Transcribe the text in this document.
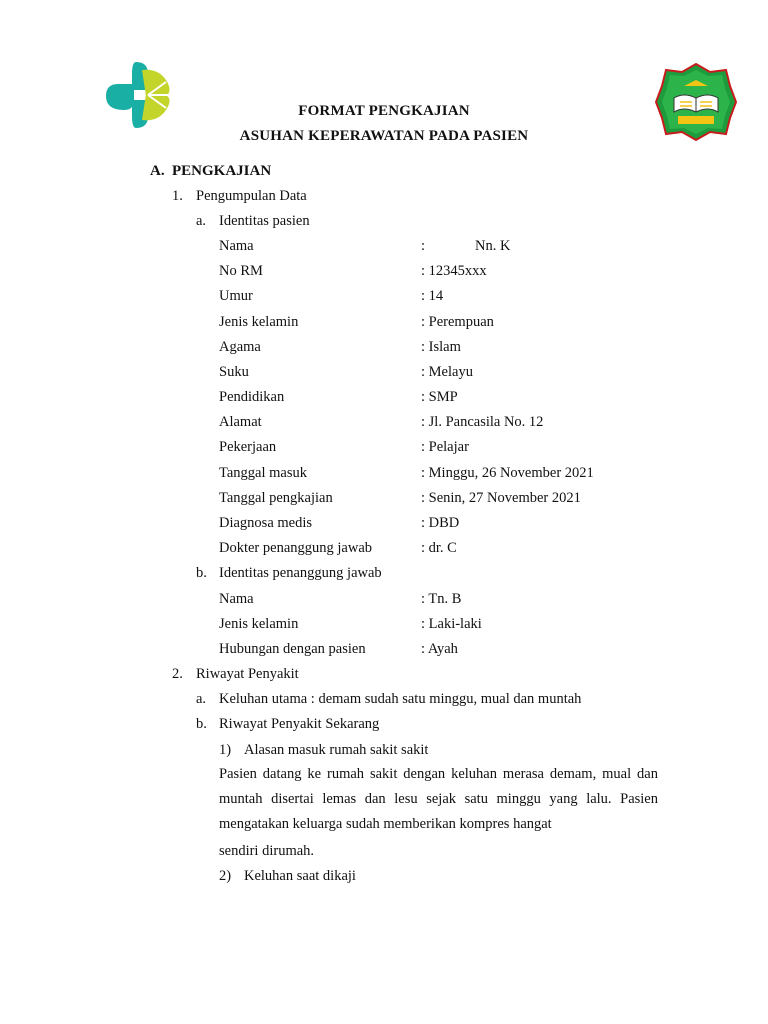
FORMAT PENGKAJIAN
ASUHAN KEPERAWATAN PADA PASIEN
A. PENGKAJIAN
1. Pengumpulan Data
a. Identitas pasien
Nama	:	Nn. K
No RM	: 12345xxx
Umur	: 14
Jenis kelamin	: Perempuan
Agama	: Islam
Suku	: Melayu
Pendidikan	: SMP
Alamat	: Jl. Pancasila No. 12
Pekerjaan	: Pelajar
Tanggal masuk	: Minggu, 26 November 2021
Tanggal pengkajian	: Senin, 27 November 2021
Diagnosa medis	: DBD
Dokter penanggung jawab	: dr. C
b. Identitas penanggung jawab
Nama	: Tn. B
Jenis kelamin	: Laki-laki
Hubungan dengan pasien	: Ayah
2. Riwayat Penyakit
a. Keluhan utama : demam sudah satu minggu, mual dan muntah
b. Riwayat Penyakit Sekarang
1) Alasan masuk rumah sakit sakit
Pasien datang ke rumah sakit dengan keluhan merasa demam, mual dan muntah disertai lemas dan lesu sejak satu minggu yang lalu. Pasien mengatakan keluarga sudah memberikan kompres hangat
sendiri dirumah.
2) Keluhan saat dikaji
